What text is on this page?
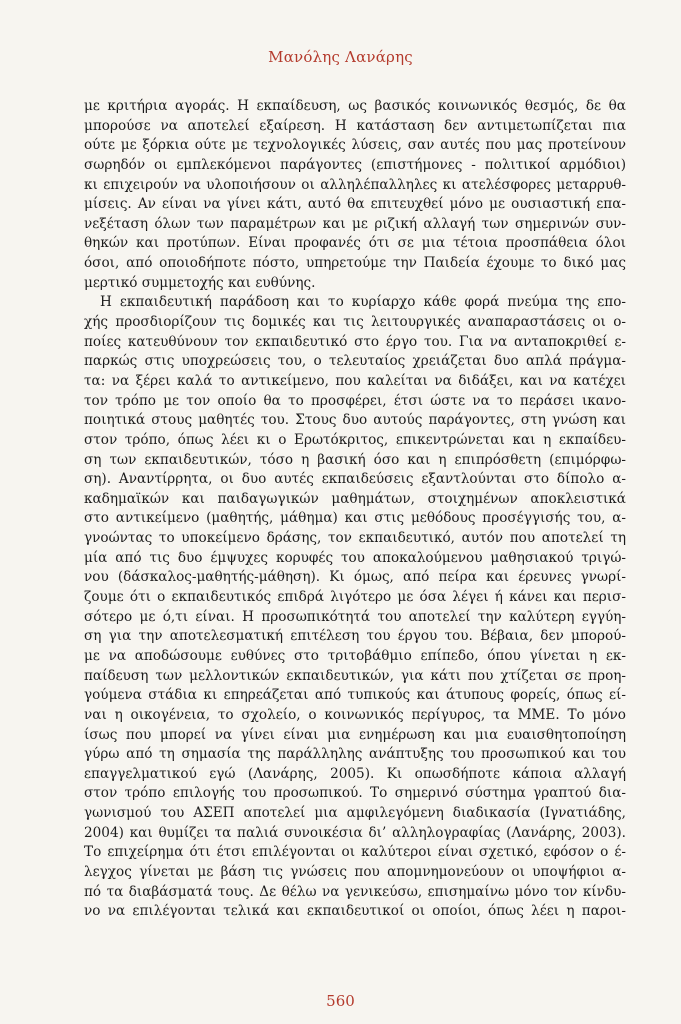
Μανόλης Λανάρης
με κριτήρια αγοράς. Η εκπαίδευση, ως βασικός κοινωνικός θεσμός, δε θα
μπορούσε να αποτελεί εξαίρεση. Η κατάσταση δεν αντιμετωπίζεται πια
ούτε με ξόρκια ούτε με τεχνολογικές λύσεις, σαν αυτές που μας προτείνουν
σωρηδόν οι εμπλεκόμενοι παράγοντες (επιστήμονες - πολιτικοί αρμόδιοι)
κι επιχειρούν να υλοποιήσουν οι αλληλέπαλληλες κι ατελέσφορες μεταρρυθ-
μίσεις. Αν είναι να γίνει κάτι, αυτό θα επιτευχθεί μόνο με ουσιαστική επα-
νεξέταση όλων των παραμέτρων και με ριζική αλλαγή των σημερινών συν-
θηκών και προτύπων. Είναι προφανές ότι σε μια τέτοια προσπάθεια όλοι
όσοι, από οποιοδήποτε πόστο, υπηρετούμε την Παιδεία έχουμε το δικό μας
μερτικό συμμετοχής και ευθύνης.
Η εκπαιδευτική παράδοση και το κυρίαρχο κάθε φορά πνεύμα της επο-
χής προσδιορίζουν τις δομικές και τις λειτουργικές αναπαραστάσεις οι ο-
ποίες κατευθύνουν τον εκπαιδευτικό στο έργο του. Για να ανταποκριθεί ε-
παρκώς στις υποχρεώσεις του, ο τελευταίος χρειάζεται δυο απλά πράγμα-
τα: να ξέρει καλά το αντικείμενο, που καλείται να διδάξει, και να κατέχει
τον τρόπο με τον οποίο θα το προσφέρει, έτσι ώστε να το περάσει ικανο-
ποιητικά στους μαθητές του. Στους δυο αυτούς παράγοντες, στη γνώση και
στον τρόπο, όπως λέει κι ο Ερωτόκριτος, επικεντρώνεται και η εκπαίδευ-
ση των εκπαιδευτικών, τόσο η βασική όσο και η επιπρόσθετη (επιμόρφω-
ση). Αναντίρρητα, οι δυο αυτές εκπαιδεύσεις εξαντλούνται στο δίπολο α-
καδημαϊκών και παιδαγωγικών μαθημάτων, στοιχημένων αποκλειστικά
στο αντικείμενο (μαθητής, μάθημα) και στις μεθόδους προσέγγισής του, α-
γνοώντας το υποκείμενο δράσης, τον εκπαιδευτικό, αυτόν που αποτελεί τη
μία από τις δυο έμψυχες κορυφές του αποκαλούμενου μαθησιακού τριγώ-
νου (δάσκαλος-μαθητής-μάθηση). Κι όμως, από πείρα και έρευνες γνωρί-
ζουμε ότι ο εκπαιδευτικός επιδρά λιγότερο με όσα λέγει ή κάνει και περισ-
σότερο με ό,τι είναι. Η προσωπικότητά του αποτελεί την καλύτερη εγγύη-
ση για την αποτελεσματική επιτέλεση του έργου του. Βέβαια, δεν μπορού-
με να αποδώσουμε ευθύνες στο τριτοβάθμιο επίπεδο, όπου γίνεται η εκ-
παίδευση των μελλοντικών εκπαιδευτικών, για κάτι που χτίζεται σε προη-
γούμενα στάδια κι επηρεάζεται από τυπικούς και άτυπους φορείς, όπως εί-
ναι η οικογένεια, το σχολείο, ο κοινωνικός περίγυρος, τα ΜΜΕ. Το μόνο
ίσως που μπορεί να γίνει είναι μια ενημέρωση και μια ευαισθητοποίηση
γύρω από τη σημασία της παράλληλης ανάπτυξης του προσωπικού και του
επαγγελματικού εγώ (Λανάρης, 2005). Κι οπωσδήποτε κάποια αλλαγή
στον τρόπο επιλογής του προσωπικού. Το σημερινό σύστημα γραπτού δια-
γωνισμού του ΑΣΕΠ αποτελεί μια αμφιλεγόμενη διαδικασία (Ιγνατιάδης,
2004) και θυμίζει τα παλιά συνοικέσια δι’ αλληλογραφίας (Λανάρης, 2003).
Το επιχείρημα ότι έτσι επιλέγονται οι καλύτεροι είναι σχετικό, εφόσον ο έ-
λεγχος γίνεται με βάση τις γνώσεις που απομνημονεύουν οι υποψήφιοι α-
πό τα διαβάσματά τους. Δε θέλω να γενικεύσω, επισημαίνω μόνο τον κίνδυ-
νο να επιλέγονται τελικά και εκπαιδευτικοί οι οποίοι, όπως λέει η παροι-
560
